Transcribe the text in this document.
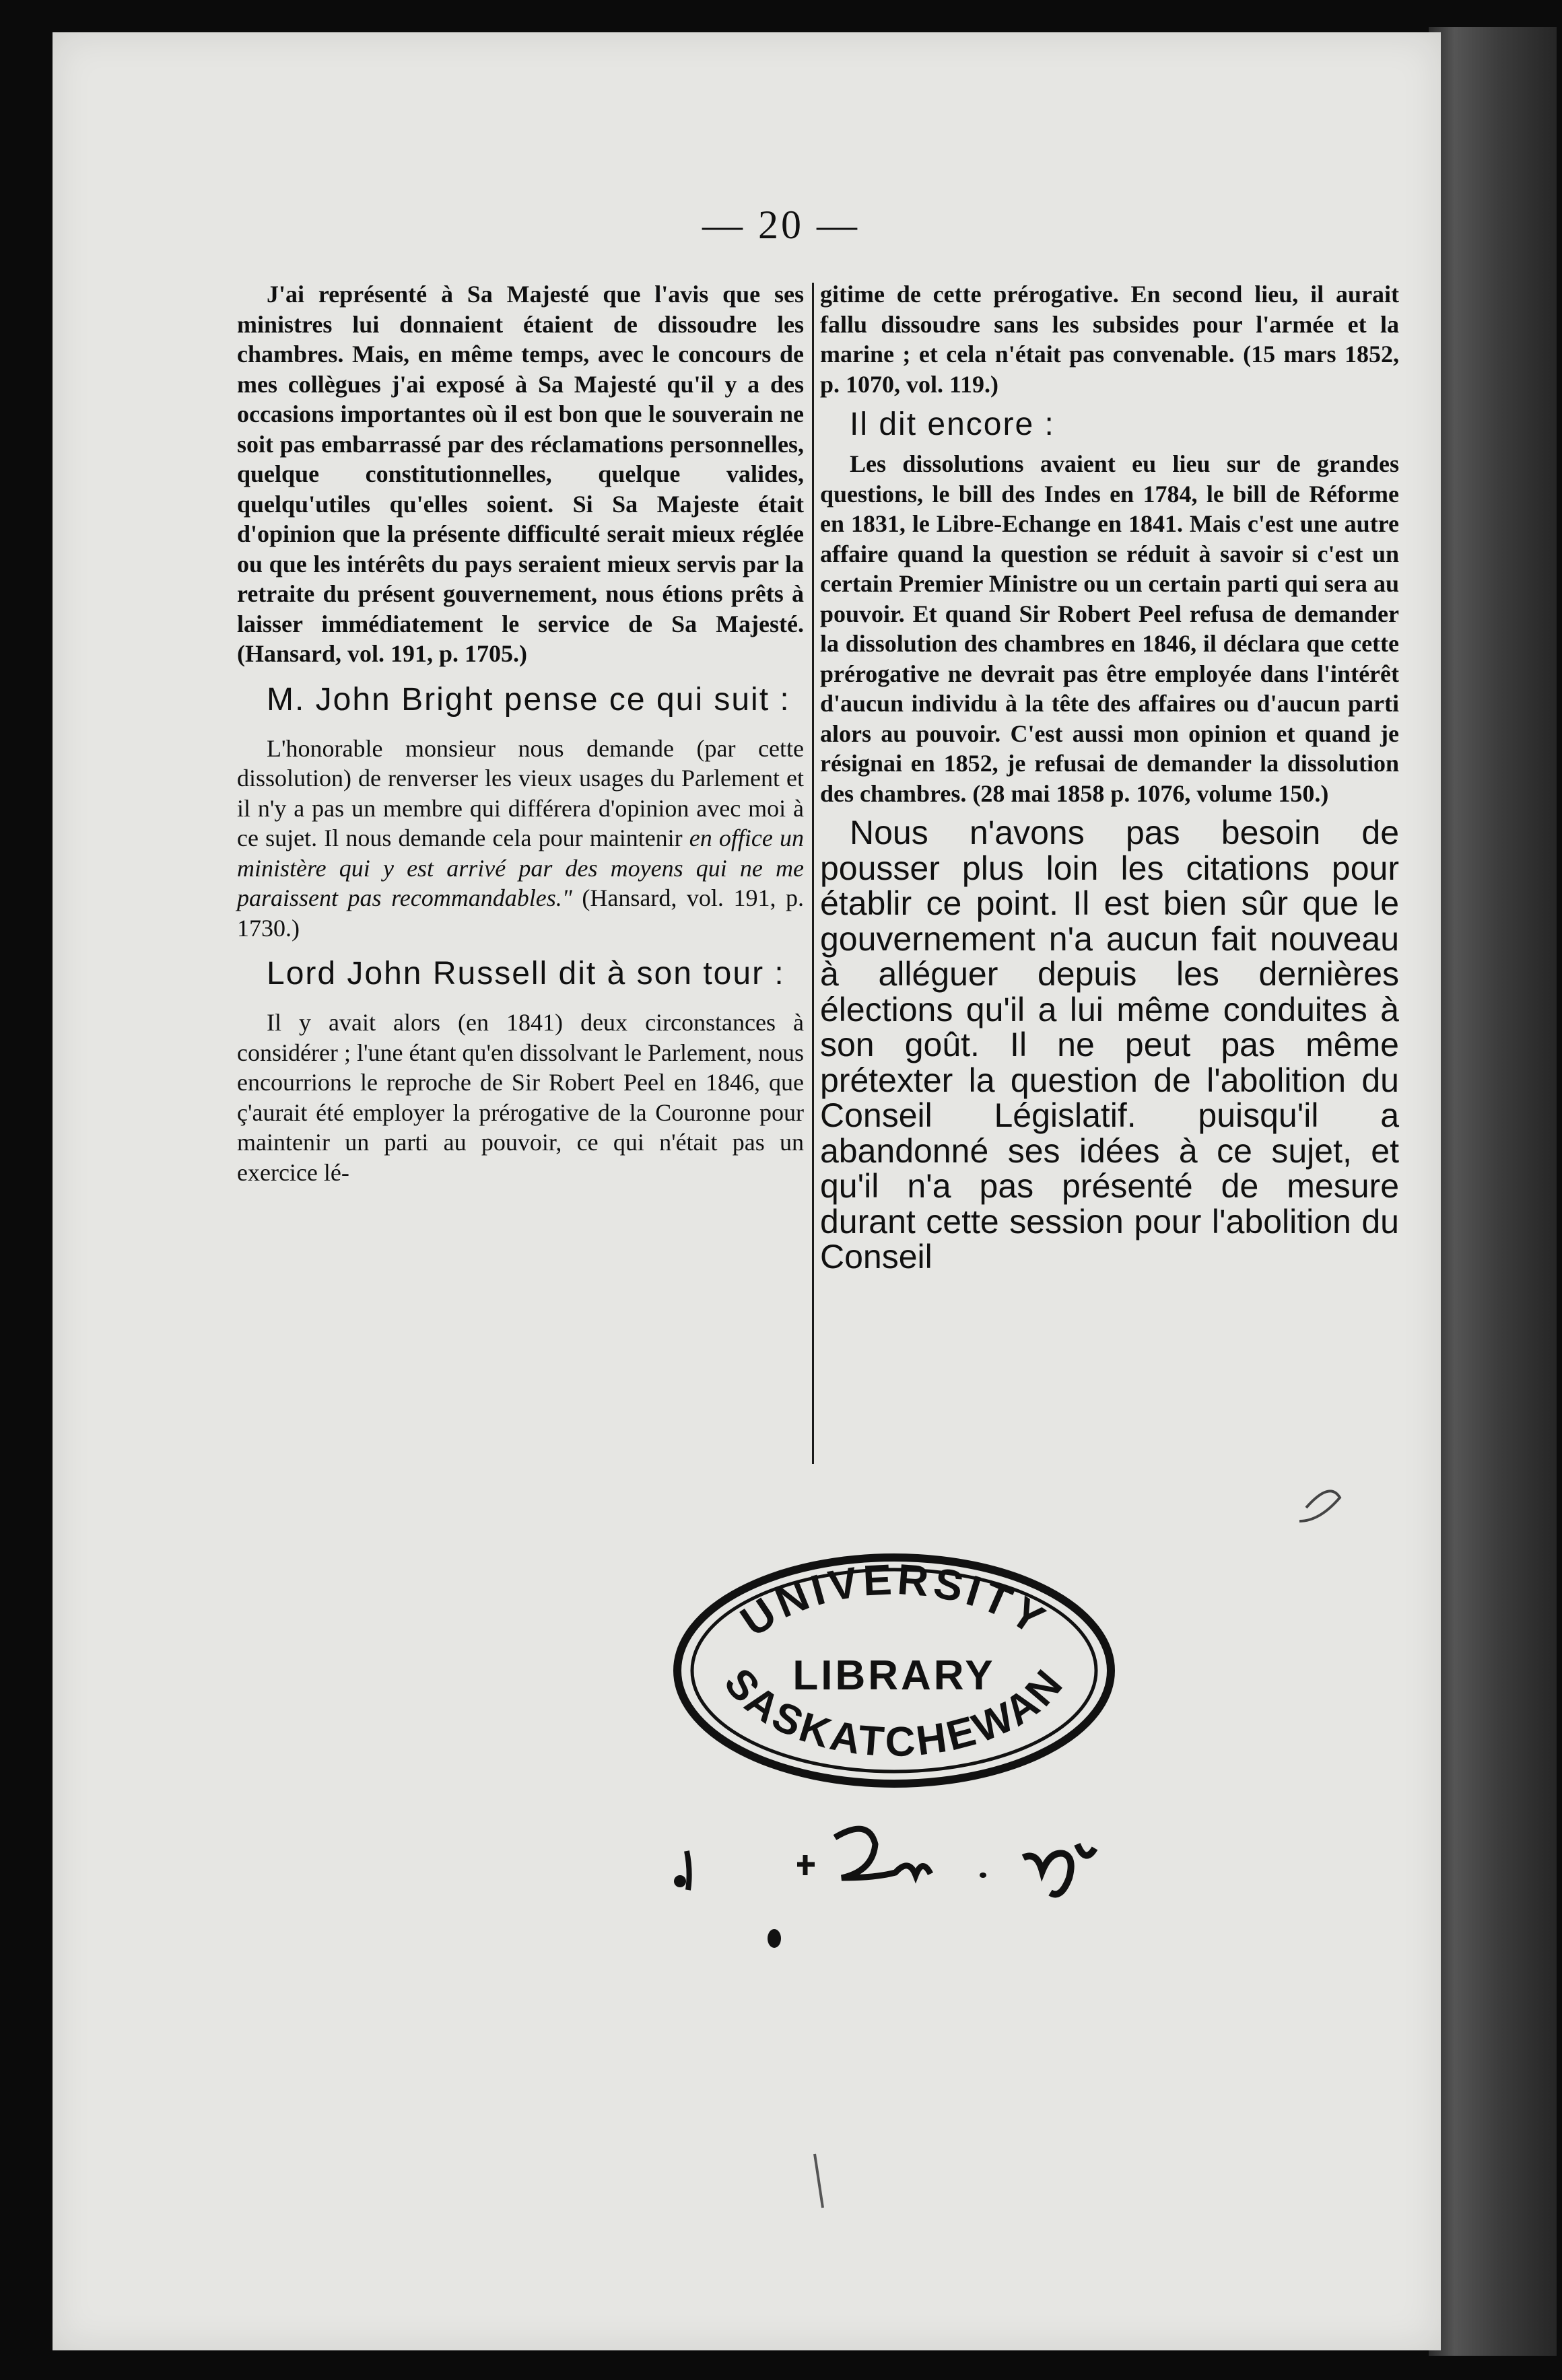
— 20 —

J'ai représenté à Sa Majesté que l'avis que ses ministres lui donnaient étaient de dissoudre les chambres. Mais, en même temps, avec le concours de mes collègues j'ai exposé à Sa Majesté qu'il y a des occasions importantes où il est bon que le souverain ne soit pas embarrassé par des réclamations personnelles, quelque constitutionnelles, quelque valides, quelqu'utiles qu'elles soient. Si Sa Majeste était d'opinion que la présente difficulté serait mieux réglée ou que les intérêts du pays seraient mieux servis par la retraite du présent gouvernement, nous étions prêts à laisser immédiatement le service de Sa Majesté. (Hansard, vol. 191, p. 1705.)

M. John Bright pense ce qui suit :

L'honorable monsieur nous demande (par cette dissolution) de renverser les vieux usages du Parlement et il n'y a pas un membre qui différera d'opinion avec moi à ce sujet. Il nous demande cela pour maintenir en office un ministère qui y est arrivé par des moyens qui ne me paraissent pas recommandables." (Hansard, vol. 191, p. 1730.)

Lord John Russell dit à son tour :

Il y avait alors (en 1841) deux circonstances à considérer ; l'une étant qu'en dissolvant le Parlement, nous encourrions le reproche de Sir Robert Peel en 1846, que ç'aurait été employer la prérogative de la Couronne pour maintenir un parti au pouvoir, ce qui n'était pas un exercice lé-

gitime de cette prérogative. En second lieu, il aurait fallu dissoudre sans les subsides pour l'armée et la marine ; et cela n'était pas convenable. (15 mars 1852, p. 1070, vol. 119.)

Il dit encore :

Les dissolutions avaient eu lieu sur de grandes questions, le bill des Indes en 1784, le bill de Réforme en 1831, le Libre-Echange en 1841. Mais c'est une autre affaire quand la question se réduit à savoir si c'est un certain Premier Ministre ou un certain parti qui sera au pouvoir. Et quand Sir Robert Peel refusa de demander la dissolution des chambres en 1846, il déclara que cette prérogative ne devrait pas être employée dans l'intérêt d'aucun individu à la tête des affaires ou d'aucun parti alors au pouvoir. C'est aussi mon opinion et quand je résignai en 1852, je refusai de demander la dissolution des chambres. (28 mai 1858 p. 1076, volume 150.)

Nous n'avons pas besoin de pousser plus loin les citations pour établir ce point. Il est bien sûr que le gouvernement n'a aucun fait nouveau à alléguer depuis les dernières élections qu'il a lui même conduites à son goût. Il ne peut pas même prétexter la question de l'abolition du Conseil Législatif. puisqu'il a abandonné ses idées à ce sujet, et qu'il n'a pas présenté de mesure durant cette session pour l'abolition du Conseil

UNIVERSITY
LIBRARY
SASKATCHEWAN
